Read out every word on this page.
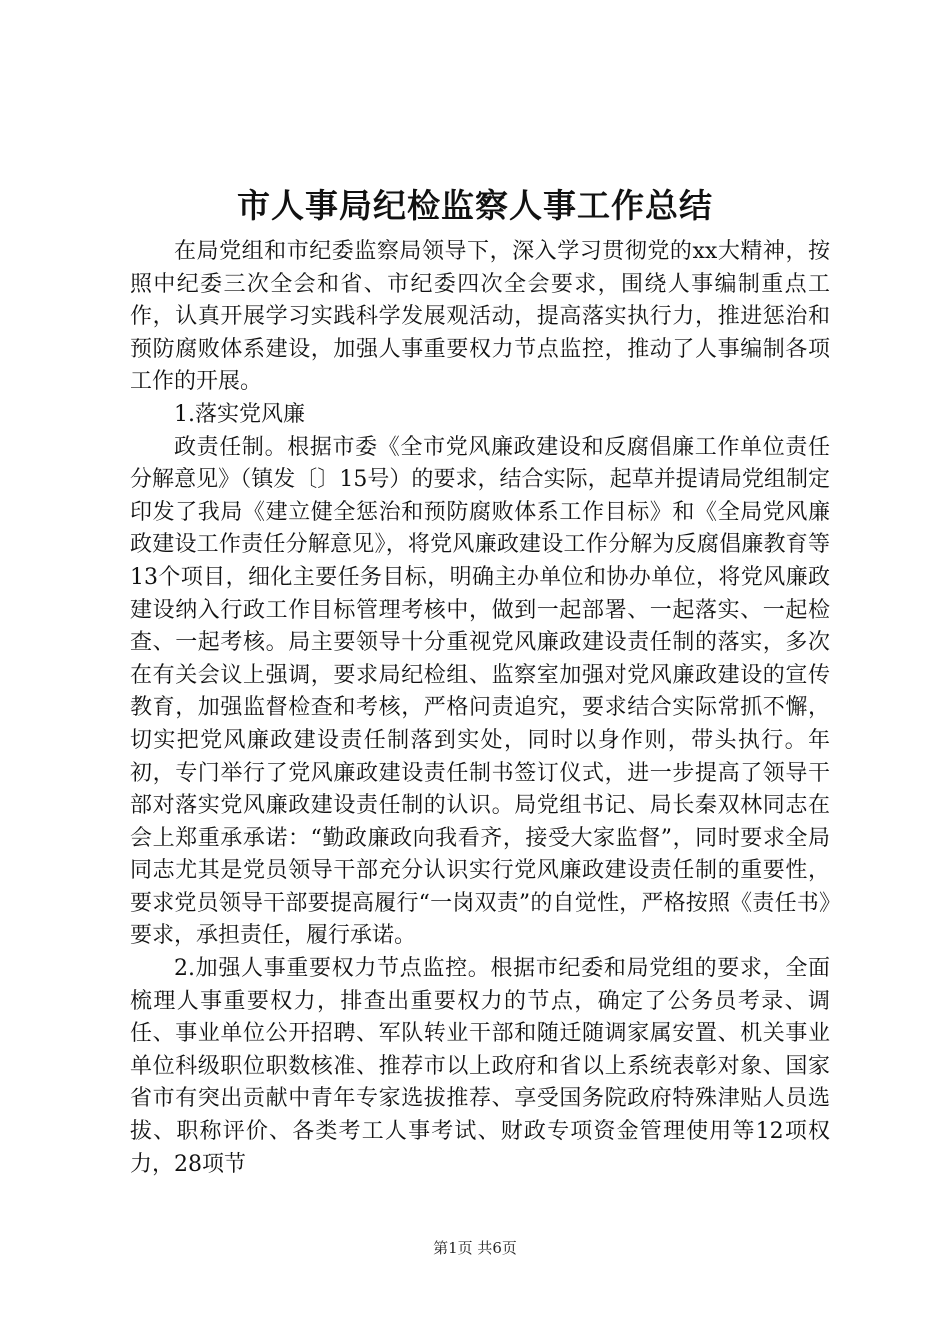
市人事局纪检监察人事工作总结

在局党组和市纪委监察局领导下，深入学习贯彻党的xx大精神，按照中纪委三次全会和省、市纪委四次全会要求，围绕人事编制重点工作，认真开展学习实践科学发展观活动，提高落实执行力，推进惩治和预防腐败体系建设，加强人事重要权力节点监控，推动了人事编制各项工作的开展。

1.落实党风廉

政责任制。根据市委《全市党风廉政建设和反腐倡廉工作单位责任分解意见》（镇发〔〕15号）的要求，结合实际，起草并提请局党组制定印发了我局《建立健全惩治和预防腐败体系工作目标》和《全局党风廉政建设工作责任分解意见》，将党风廉政建设工作分解为反腐倡廉教育等13个项目，细化主要任务目标，明确主办单位和协办单位，将党风廉政建设纳入行政工作目标管理考核中，做到一起部署、一起落实、一起检查、一起考核。局主要领导十分重视党风廉政建设责任制的落实，多次在有关会议上强调，要求局纪检组、监察室加强对党风廉政建设的宣传教育，加强监督检查和考核，严格问责追究，要求结合实际常抓不懈，切实把党风廉政建设责任制落到实处，同时以身作则，带头执行。年初，专门举行了党风廉政建设责任制书签订仪式，进一步提高了领导干部对落实党风廉政建设责任制的认识。局党组书记、局长秦双林同志在会上郑重承承诺：“勤政廉政向我看齐，接受大家监督”，同时要求全局同志尤其是党员领导干部充分认识实行党风廉政建设责任制的重要性，要求党员领导干部要提高履行“一岗双责”的自觉性，严格按照《责任书》要求，承担责任，履行承诺。

2.加强人事重要权力节点监控。根据市纪委和局党组的要求，全面梳理人事重要权力，排查出重要权力的节点，确定了公务员考录、调任、事业单位公开招聘、军队转业干部和随迁随调家属安置、机关事业单位科级职位职数核准、推荐市以上政府和省以上系统表彰对象、国家省市有突出贡献中青年专家选拔推荐、享受国务院政府特殊津贴人员选拔、职称评价、各类考工人事考试、财政专项资金管理使用等12项权力，28项节

第1页 共6页
